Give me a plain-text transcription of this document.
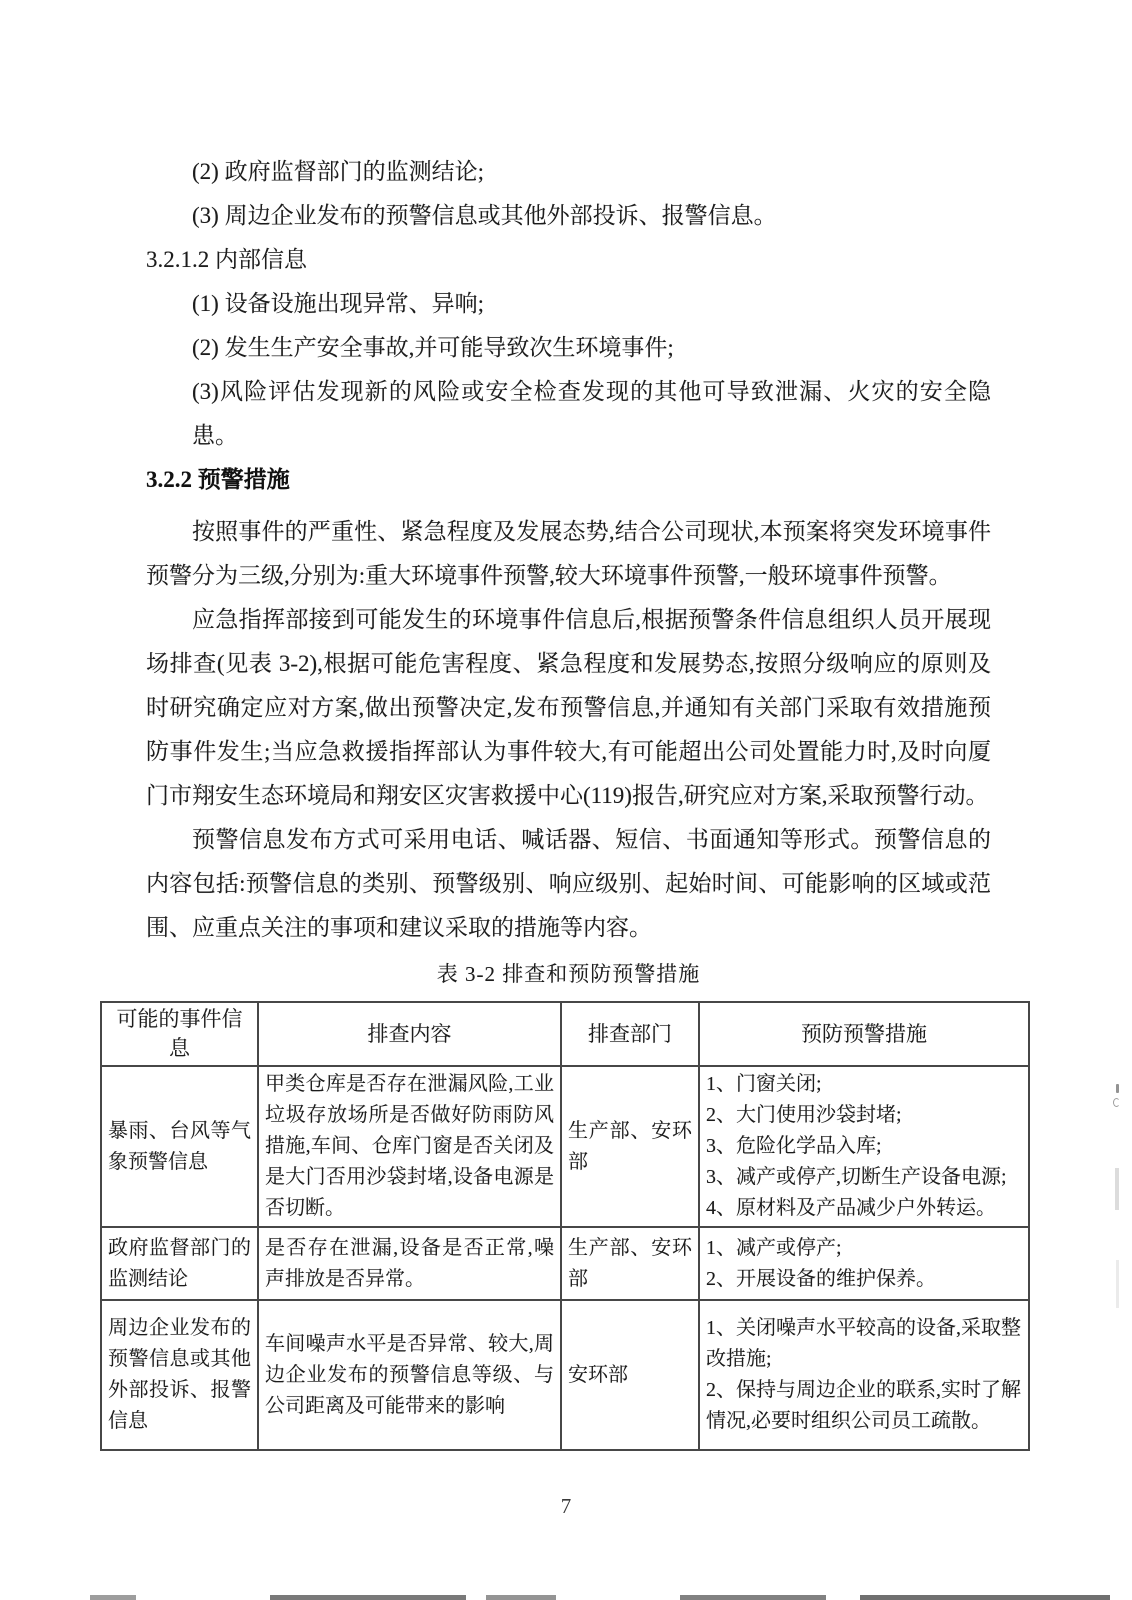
(2) 政府监督部门的监测结论;
(3) 周边企业发布的预警信息或其他外部投诉、报警信息。
3.2.1.2 内部信息
(1) 设备设施出现异常、异响;
(2) 发生生产安全事故,并可能导致次生环境事件;
(3)风险评估发现新的风险或安全检查发现的其他可导致泄漏、火灾的安全隐患。
3.2.2 预警措施

按照事件的严重性、紧急程度及发展态势,结合公司现状,本预案将突发环境事件预警分为三级,分别为:重大环境事件预警,较大环境事件预警,一般环境事件预警。

应急指挥部接到可能发生的环境事件信息后,根据预警条件信息组织人员开展现场排查(见表 3-2),根据可能危害程度、紧急程度和发展势态,按照分级响应的原则及时研究确定应对方案,做出预警决定,发布预警信息,并通知有关部门采取有效措施预防事件发生;当应急救援指挥部认为事件较大,有可能超出公司处置能力时,及时向厦门市翔安生态环境局和翔安区灾害救援中心(119)报告,研究应对方案,采取预警行动。

预警信息发布方式可采用电话、喊话器、短信、书面通知等形式。预警信息的内容包括:预警信息的类别、预警级别、响应级别、起始时间、可能影响的区域或范围、应重点关注的事项和建议采取的措施等内容。

表 3-2 排查和预防预警措施
可能的事件信息	排查内容	排查部门	预防预警措施
暴雨、台风等气象预警信息	甲类仓库是否存在泄漏风险,工业垃圾存放场所是否做好防雨防风措施,车间、仓库门窗是否关闭及是大门否用沙袋封堵,设备电源是否切断。	生产部、安环部	1、门窗关闭;
2、大门使用沙袋封堵;
3、危险化学品入库;
3、减产或停产,切断生产设备电源;
4、原材料及产品减少户外转运。

政府监督部门的监测结论	是否存在泄漏,设备是否正常,噪声排放是否异常。	生产部、安环部	1、减产或停产;
2、开展设备的维护保养。

周边企业发布的预警信息或其他外部投诉、报警信息	车间噪声水平是否异常、较大,周边企业发布的预警信息等级、与公司距离及可能带来的影响	安环部	1、关闭噪声水平较高的设备,采取整改措施;
2、保持与周边企业的联系,实时了解情况,必要时组织公司员工疏散。
7
